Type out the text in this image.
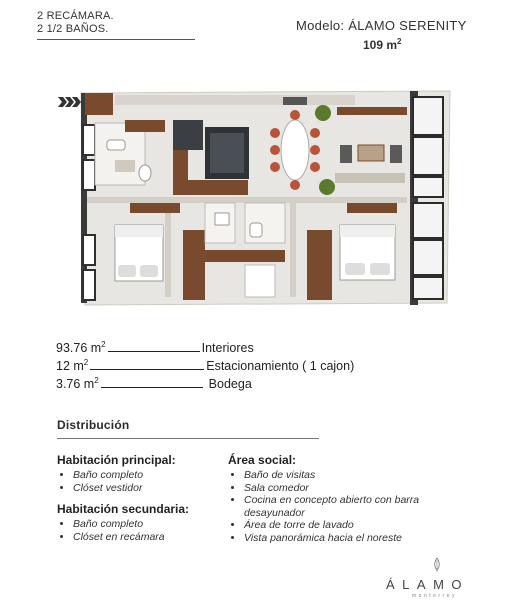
2 RECÁMARA.
2 1/2 BAÑOS.	Modelo: ÁLAMO SERENITY
109 $m^2$
93.76 $m^2$	Interiores
12 $m^2$	Estacionamiento ( 1 cajon)
3.76 $m^2$	Bodega
Distribución
Habitación principal:
• Baño completo
• Clóset vestidor
Habitación secundaria:
• Baño completo
• Clóset en recámara
Área social:
• Baño de visitas
• Sala comedor
• Cocina en concepto abierto con barra
desayunador
• Área de torre de lavado
• Vista panorámica hacia el noreste
ÁLAMO
monterrey
